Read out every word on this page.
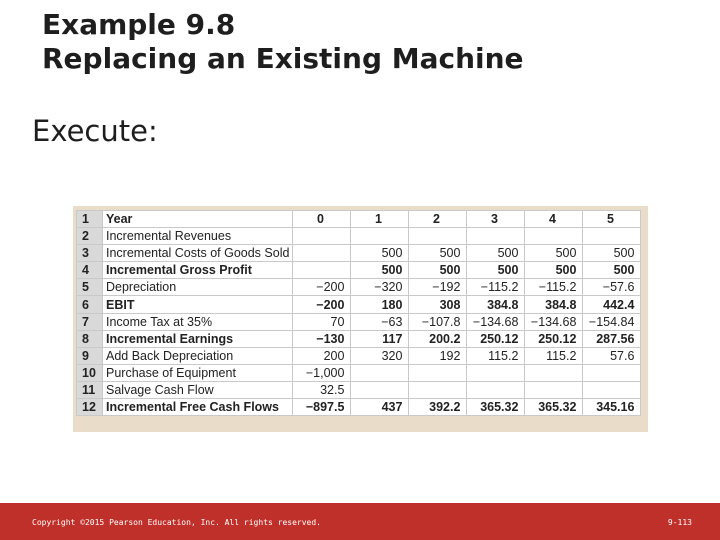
Example 9.8
Replacing an Existing Machine
Execute:
1	Year	0	1	2	3	4	5
2	Incremental Revenues						
3	Incremental Costs of Goods Sold		500	500	500	500	500
4	Incremental Gross Profit		500	500	500	500	500
5	Depreciation	−200	−320	−192	−115.2	−115.2	−57.6
6	EBIT	−200	180	308	384.8	384.8	442.4
7	Income Tax at 35%	70	−63	−107.8	−134.68	−134.68	−154.84
8	Incremental Earnings	−130	117	200.2	250.12	250.12	287.56
9	Add Back Depreciation	200	320	192	115.2	115.2	57.6
10	Purchase of Equipment	−1,000					
11	Salvage Cash Flow	32.5					
12	Incremental Free Cash Flows	−897.5	437	392.2	365.32	365.32	345.16
Copyright ©2015 Pearson Education, Inc. All rights reserved.	9-113
